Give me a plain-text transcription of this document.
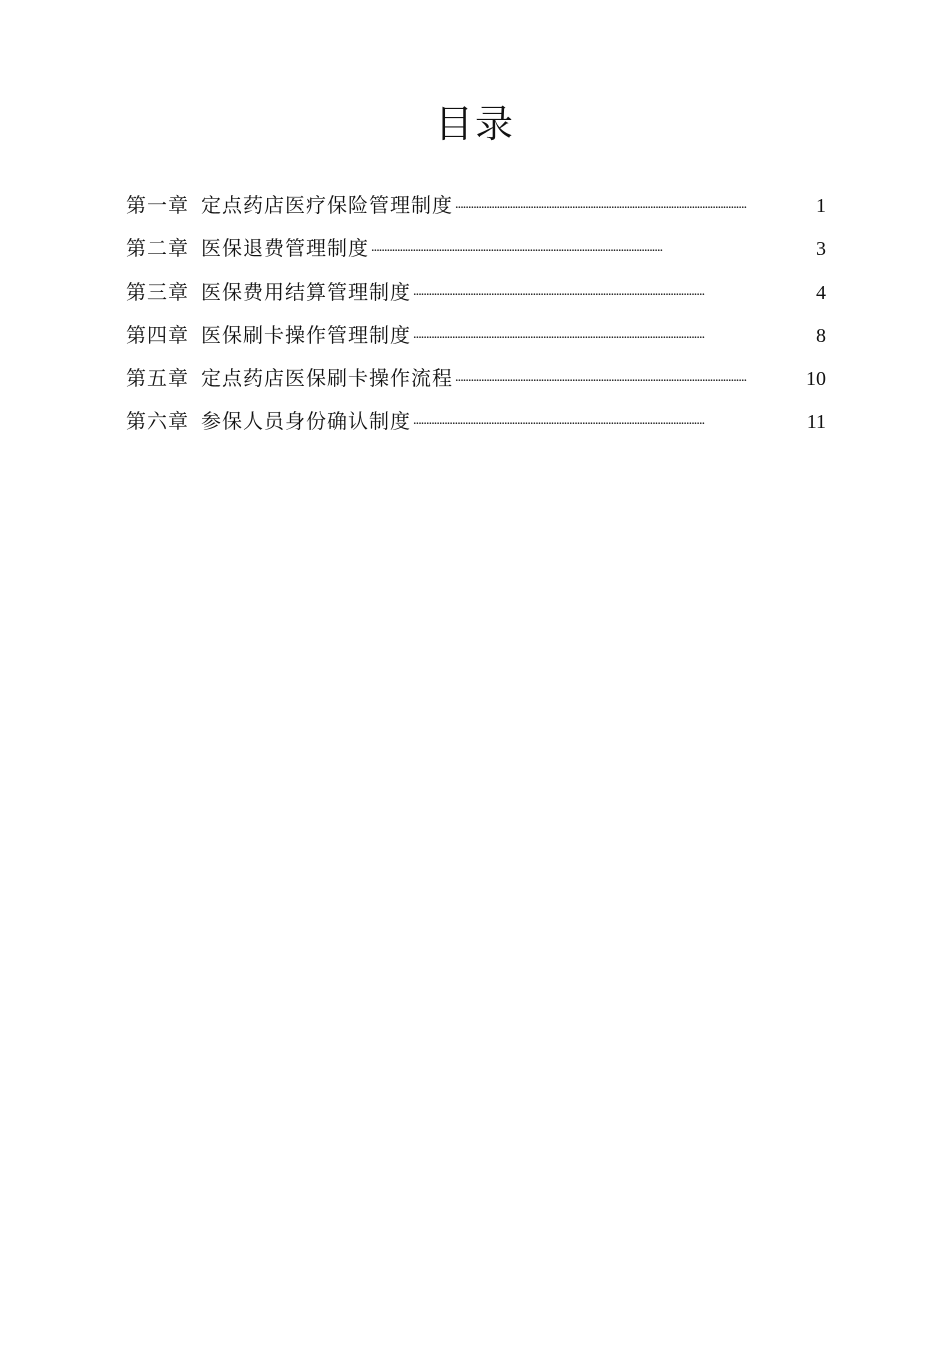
目录
第一章 定点药店医疗保险管理制度 . . .	1
第二章 医保退费管理制度 . . .	3
第三章 医保费用结算管理制度 . . .	4
第四章 医保刷卡操作管理制度 . . .	8
第五章 定点药店医保刷卡操作流程 . . .	10
第六章 参保人员身份确认制度 . . .	11
